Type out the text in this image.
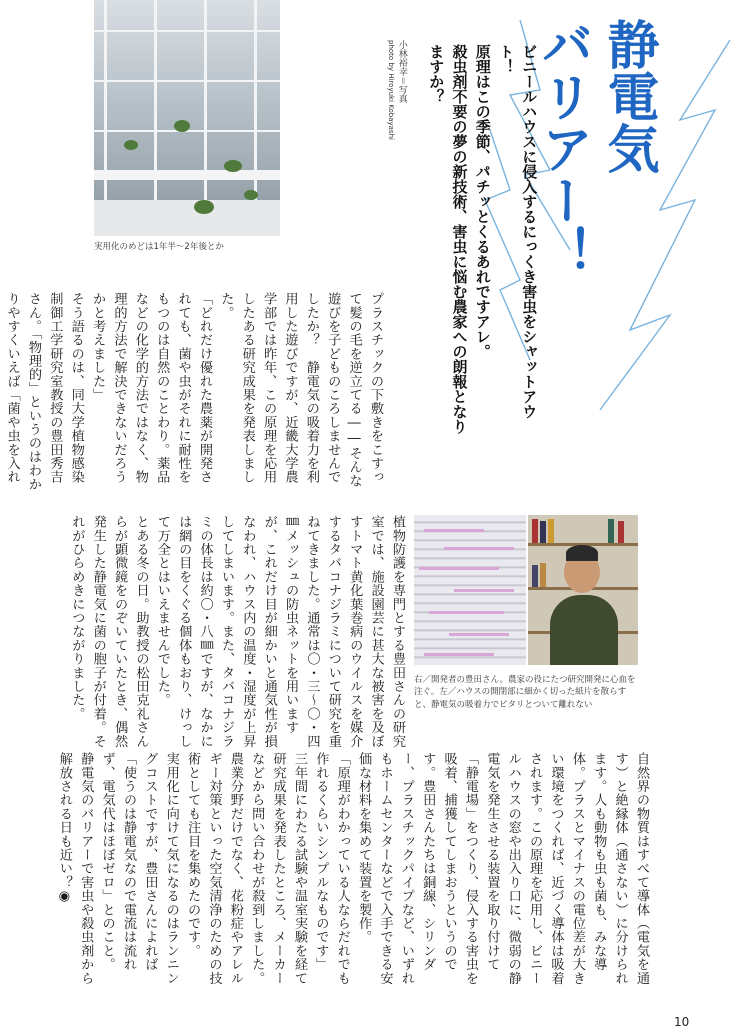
実用化のめどは1年半～2年後とか
静電気
バリアー！
ビニールハウスに侵入するにっくき害虫をシャットアウト！
原理はこの季節、パチッとくるあれですアレ。
殺虫剤不要の夢の新技術、害虫に悩む農家への朗報となりますか？
小林裕幸＝写真
photo by Hiroyuki Kobayashi

プラスチックの下敷きをこすって髪の毛を逆立てる――そんな遊びを子どものころしませんでしたか？　静電気の吸着力を利用した遊びですが、近畿大学農学部では昨年、この原理を応用したある研究成果を発表しました。

「どれだけ優れた農薬が開発されても、菌や虫がそれに耐性をもつのは自然のことわり。薬品などの化学的方法ではなく、物理的方法で解決できないだろうかと考えました」

そう語るのは、同大学植物感染制御工学研究室教授の豊田秀吉さん。「物理的」というのはわかりやすくいえば「菌や虫を入れ

植物防護を専門とする豊田さんの研究室では、施設園芸に甚大な被害を及ぼすトマト黄化葉巻病のウイルスを媒介するタバコナジラミについて研究を重ねてきました。通常は〇・三～〇・四㎜メッシュの防虫ネットを用いますが、これだけ目が細かいと通気性が損なわれ、ハウス内の温度・湿度が上昇してしまいます。また、タバコナジラミの体長は約〇・八㎜ですが、なかには網の目をくぐる個体もおり、けっして万全とはいえませんでした。

とある冬の日。助教授の松田克礼さんらが顕微鏡をのぞいていたとき、偶然発生した静電気に菌の胞子が付着。それがひらめきにつながりました。	右／開発者の豊田さん。農家の役にたつ研究開発に心血を注ぐ。左／ハウスの開閉部に細かく切った紙片を散らすと、静電気の吸着力でピタリとついて離れない

自然界の物質はすべて導体（電気を通す）と絶縁体（通さない）に分けられます。人も動物も虫も菌も、みな導体。プラスとマイナスの電位差が大きい環境をつくれば、近づく導体は吸着されます。この原理を応用し、ビニールハウスの窓や出入り口に、微弱の静電気を発生させる装置を取り付けて「静電場」をつくり、侵入する害虫を吸着、捕獲してしまおうというのです。豊田さんたちは銅線、シリンダー、プラスチックパイプなど、いずれもホームセンターなどで入手できる安価な材料を集めて装置を製作。

「原理がわかっている人ならだれでも作れるくらいシンプルなものです」

三年間にわたる試験や温室実験を経て研究成果を発表したところ、メーカーなどから問い合わせが殺到しました。農業分野だけでなく、花粉症やアレルギー対策といった空気清浄のための技術としても注目を集めたのです。

実用化に向けて気になるのはランニングコストですが、豊田さんによれば「使うのは静電気なので電流は流れず、電気代はほぼゼロ」とのこと。

静電気のバリアーで害虫や殺虫剤から解放される日も近い？◉

10
